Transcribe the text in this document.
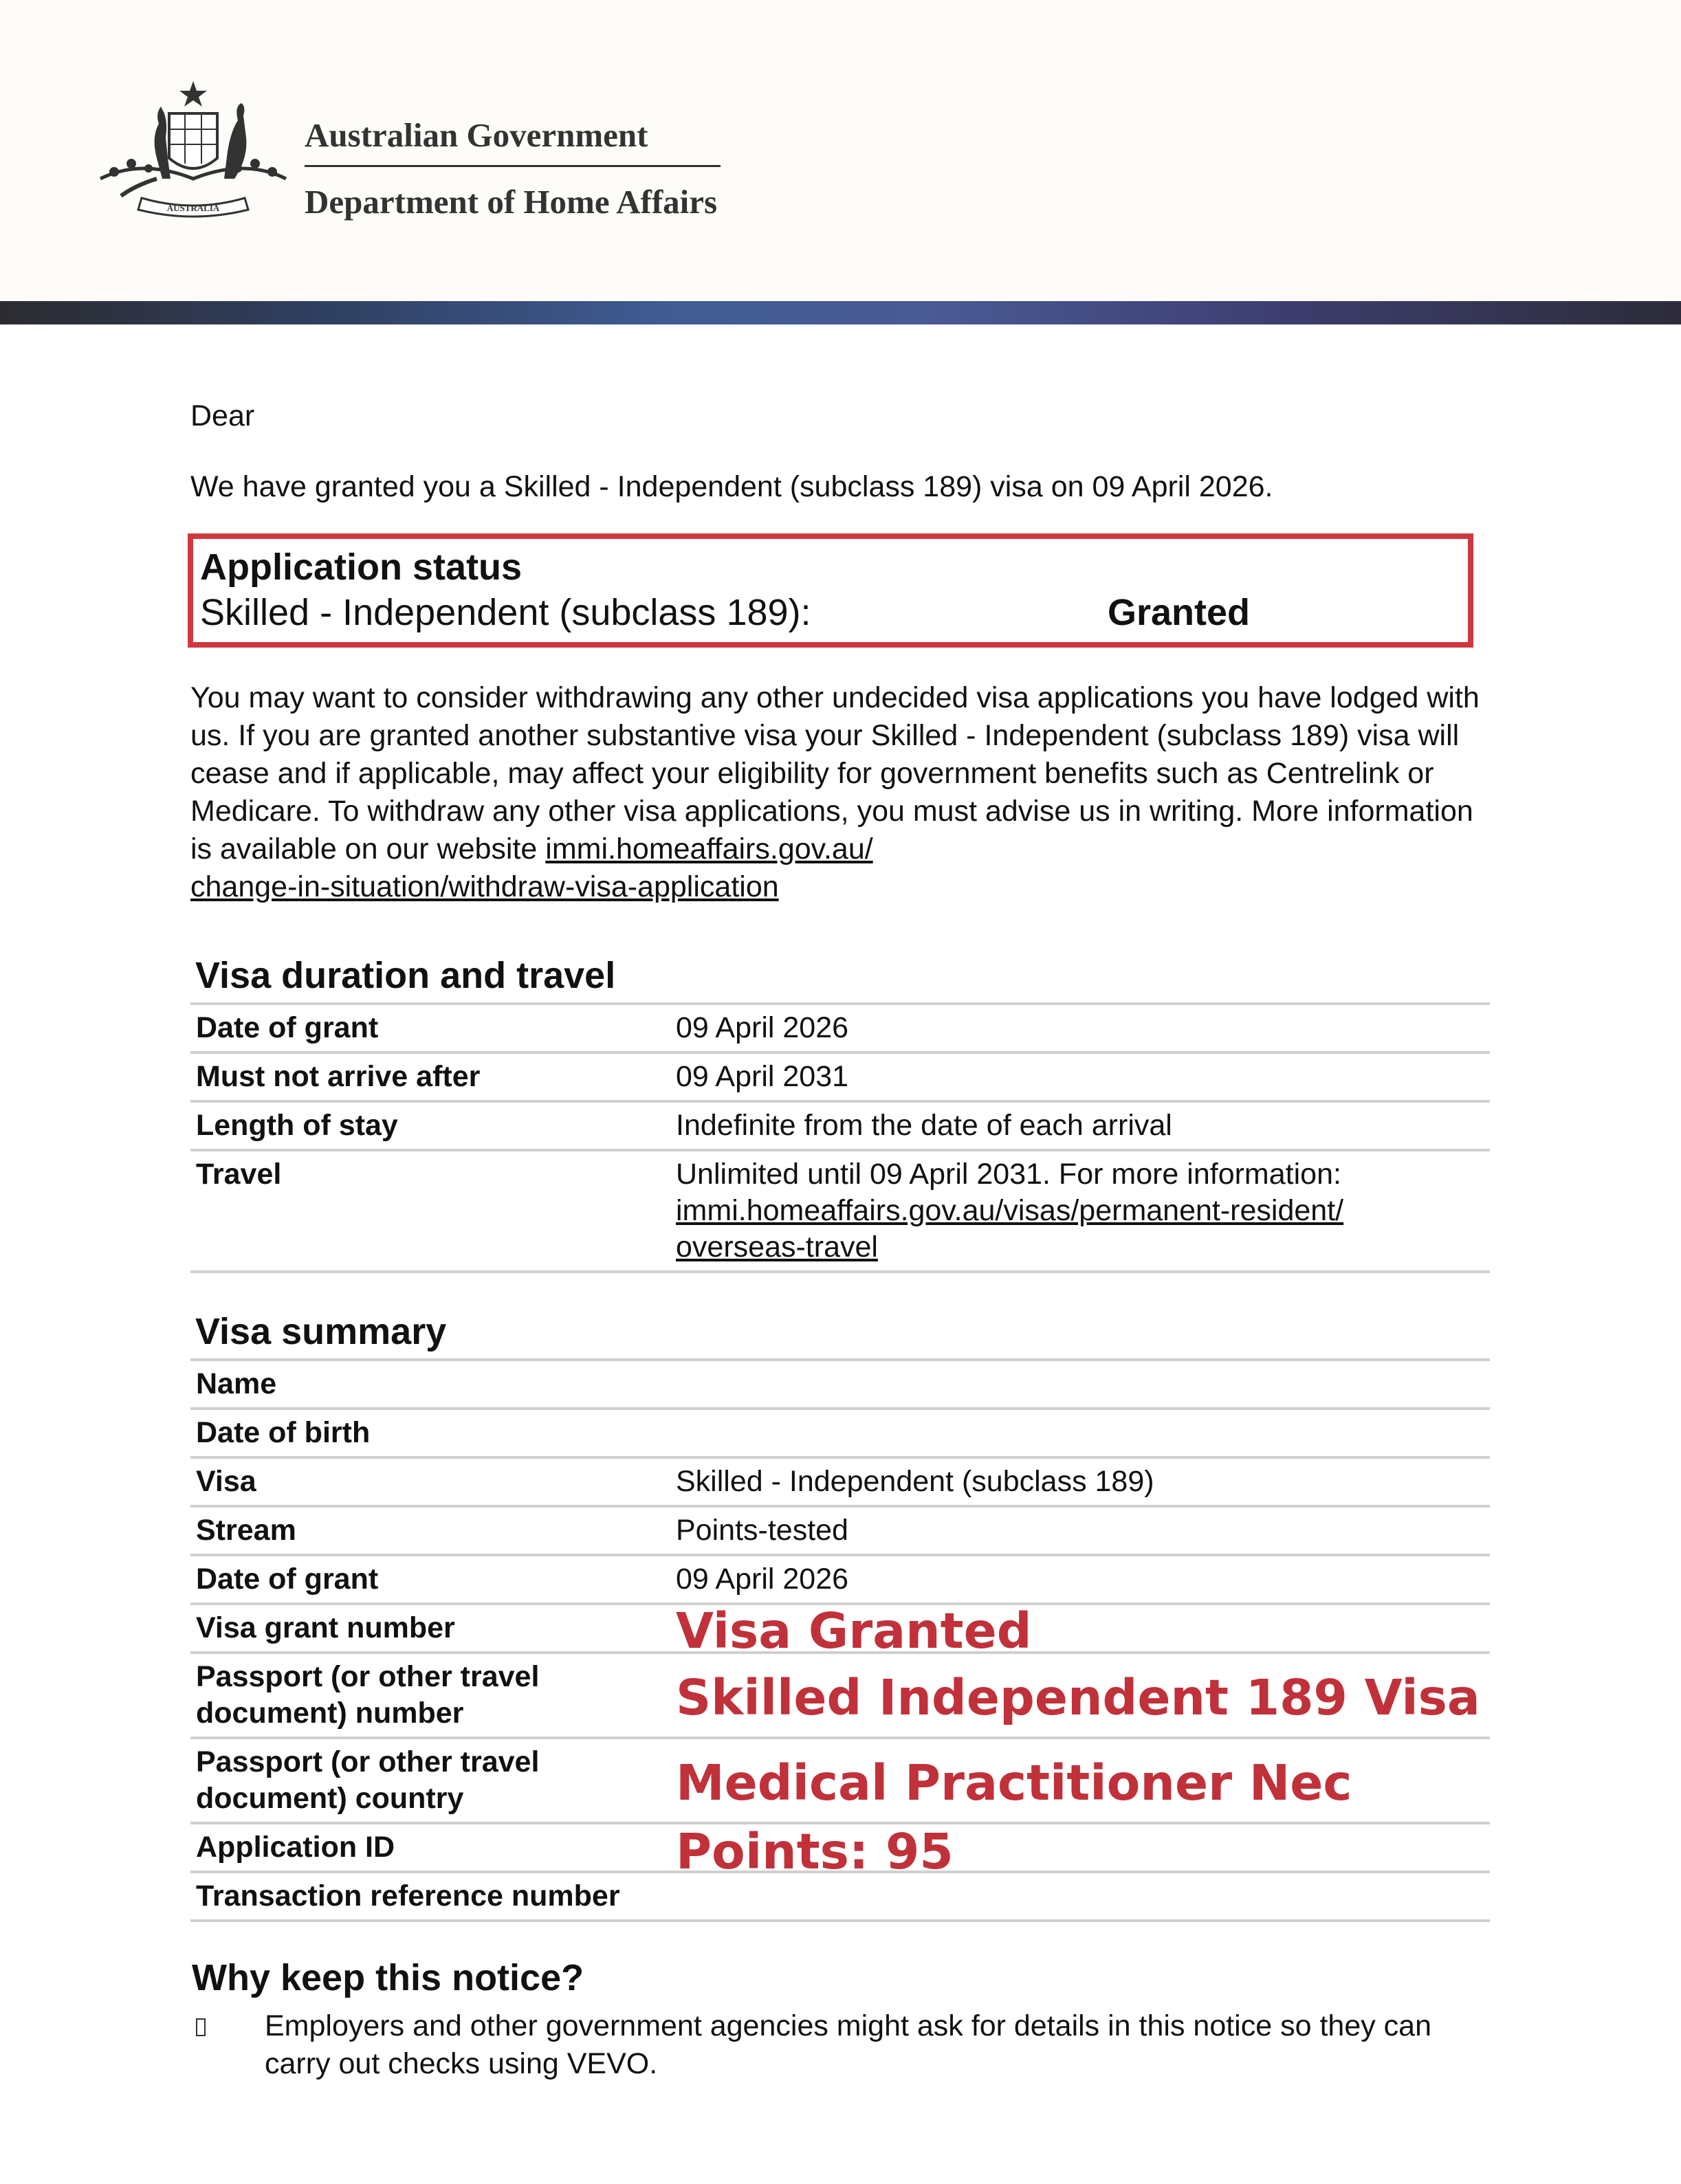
AUSTRALIA
Australian Government
Department of Home Affairs

Dear

We have granted you a Skilled - Independent (subclass 189) visa on 09 April 2026.

Application status
Skilled - Independent (subclass 189):	Granted

You may want to consider withdrawing any other undecided visa applications you have lodged with us. If you are granted another substantive visa your Skilled - Independent (subclass 189) visa will cease and if applicable, may affect your eligibility for government benefits such as Centrelink or Medicare. To withdraw any other visa applications, you must advise us in writing. More information is available on our website immi.homeaffairs.gov.au/
change-in-situation/withdraw-visa-application

Visa duration and travel
Date of grant	09 April 2026
Must not arrive after	09 April 2031
Length of stay	Indefinite from the date of each arrival
Travel	Unlimited until 09 April 2031. For more information:
immi.homeaffairs.gov.au/visas/permanent-resident/
overseas-travel
Visa summary
Name	
Date of birth	
Visa	Skilled - Independent (subclass 189)
Stream	Points-tested
Date of grant	09 April 2026
Visa grant number	Visa Granted

Passport (or other travel
document) number	Skilled Independent 189 Visa

Passport (or other travel
document) country	Medical Practitioner Nec

Application ID	Points: 95

Transaction reference number	
Why keep this notice?
Employers and other government agencies might ask for details in this notice so they can carry out checks using VEVO.
